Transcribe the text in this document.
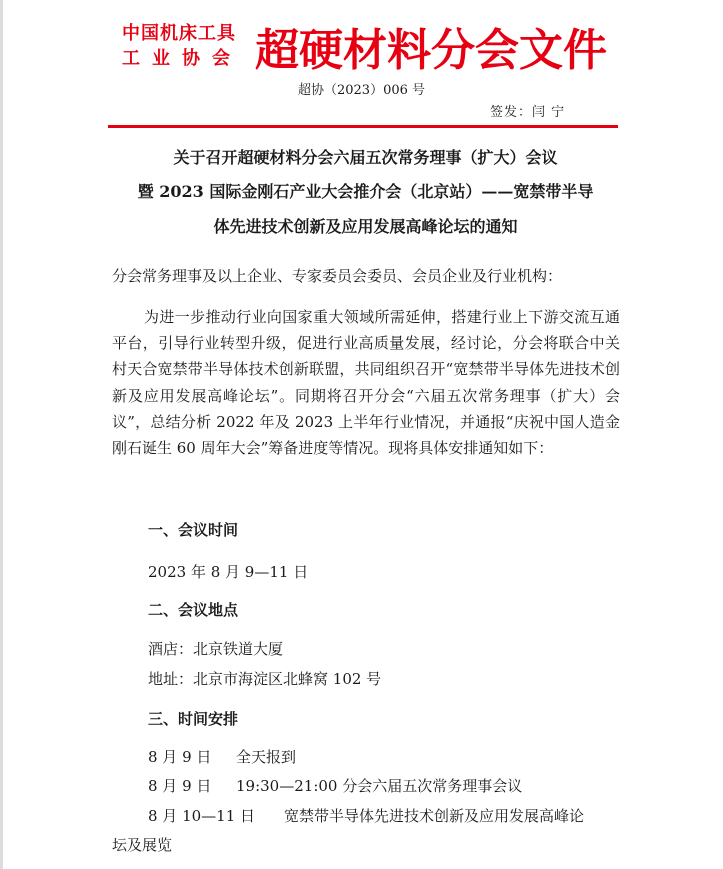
中国机床工具
工业协会 超硬材料分会文件
超协（2023）006 号
签发：闫 宁
关于召开超硬材料分会六届五次常务理事（扩大）会议
暨 2023 国际金刚石产业大会推介会（北京站）——宽禁带半导
体先进技术创新及应用发展高峰论坛的通知
分会常务理事及以上企业、专家委员会委员、会员企业及行业机构：
为进一步推动行业向国家重大领域所需延伸，搭建行业上下游交流互通平台，引导行业转型升级，促进行业高质量发展，经讨论，分会将联合中关村天合宽禁带半导体技术创新联盟，共同组织召开“宽禁带半导体先进技术创新及应用发展高峰论坛”。同期将召开分会“六届五次常务理事（扩大）会议”，总结分析 2022 年及 2023 上半年行业情况，并通报“庆祝中国人造金刚石诞生 60 周年大会”筹备进度等情况。现将具体安排通知如下：
一、会议时间
2023 年 8 月 9—11 日
二、会议地点
酒店：北京铁道大厦
地址：北京市海淀区北蜂窝 102 号
三、时间安排
8 月 9 日 全天报到
8 月 9 日 19:30—21:00 分会六届五次常务理事会议
8 月 10—11 日 宽禁带半导体先进技术创新及应用发展高峰论
坛及展览
